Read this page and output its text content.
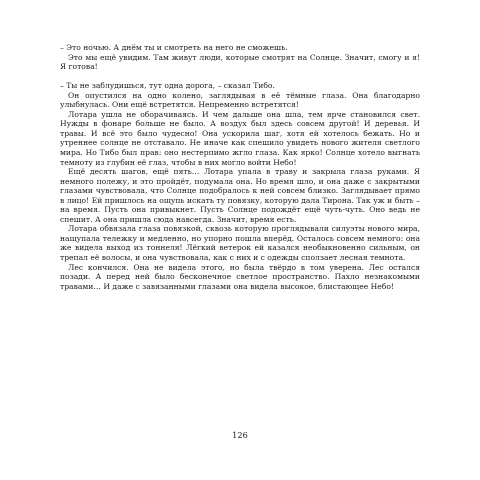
– Это ночью. А днём ты и смотреть на него не сможешь.

Это мы ещё увидим. Там живут люди, которые смотрят на Солнце. Значит, смогу и я! Я готова!

– Ты не заблудишься, тут одна дорога, – сказал Тибо.

Он опустился на одно колено, заглядывая в её тёмные глаза. Она благодарно улыбнулась. Они ещё встретятся. Непременно встретятся!

Лотара ушла не оборачиваясь. И чем дальше она шла, тем ярче становился свет. Нужды в фонаре больше не было. А воздух был здесь совсем другой! И деревья. И травы. И всё это было чудесно! Она ускорила шаг, хотя ей хотелось бежать. Но и утреннее солнце не отставало. Не иначе как спешило увидеть нового жителя светлого мира. Но Тибо был прав: оно нестерпимо жгло глаза. Как ярко! Солнце хотело выгнать темноту из глубин её глаз, чтобы в них могло войти Небо!

Ещё десять шагов, ещё пять… Лотара упала в траву и закрыла глаза руками. Я немного полежу, и это пройдёт, подумала она. Но время шло, и она даже с закрытыми глазами чувствовала, что Солнце подобралось к ней совсем близко. Заглядывает прямо в лицо! Ей пришлось на ощупь искать ту повязку, которую дала Тирона. Так уж и быть – на время. Пусть она привыкнет. Пусть Солнце подождёт ещё чуть-чуть. Оно ведь не спешит. А она пришла сюда навсегда. Значит, время есть.

Лотара обвязала глаза повязкой, сквозь которую проглядывали силуэты нового мира, нащупала тележку и медленно, но упорно пошла вперёд. Осталось совсем немного: она же видела выход из тоннеля! Лёгкий ветерок ей казался необыкновенно сильным, он трепал её волосы, и она чувствовала, как с них и с одежды сползает лесная темнота.

Лес кончился. Она не видела этого, но была твёрдо в том уверена. Лес остался позади. А перед ней было бесконечное светлое пространство. Пахло незнакомыми травами… И даже с завязанными глазами она видела высокое, блистающее Небо!

126
